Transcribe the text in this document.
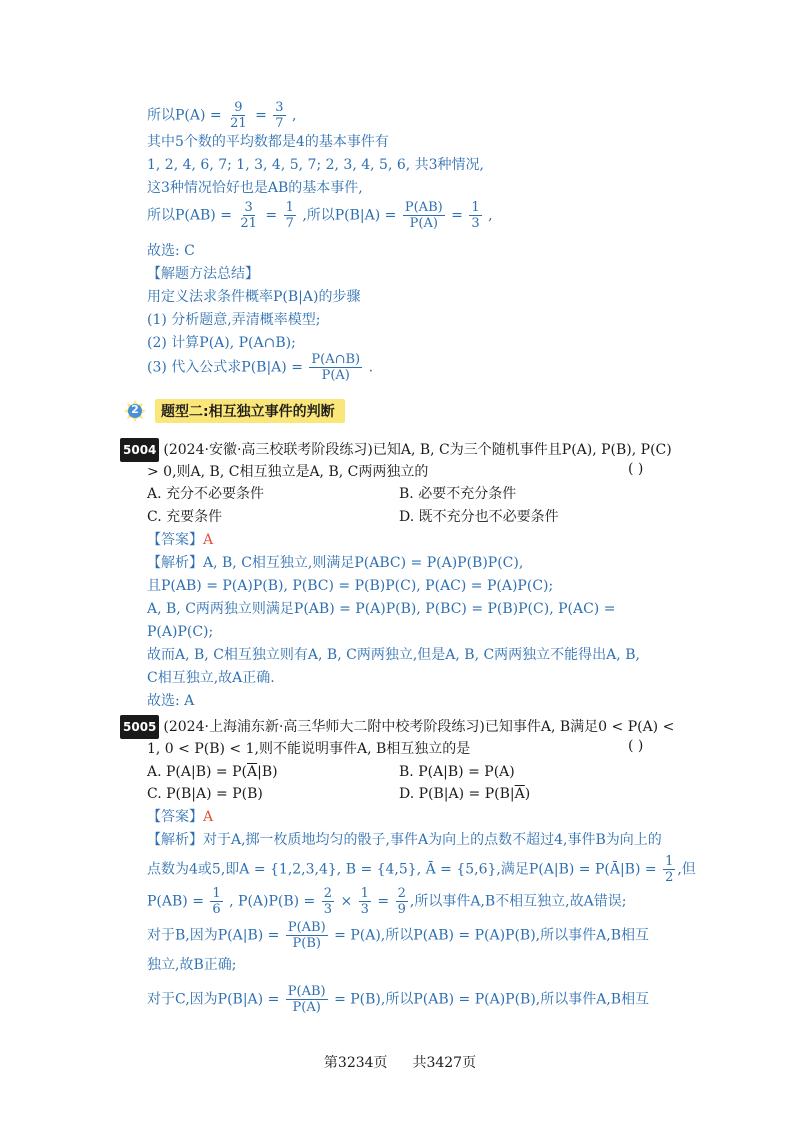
所以$P(A) = \frac{9}{21} = \frac{3}{7}$ ,
其中5个数的平均数都是4的基本事件有
1, 2, 4, 6, 7; 1, 3, 4, 5, 7; 2, 3, 4, 5, 6, 共3种情况,
这3种情况恰好也是AB的基本事件,
所以$P(AB) = \frac{3}{21} = \frac{1}{7}$ ,所以$P(B|A) = \frac{P(AB)}{P(A)} = \frac{1}{3}$ ,
故选: C
【解题方法总结】
用定义法求条件概率P(B|A)的步骤
(1) 分析题意,弄清概率模型;
(2) 计算P(A), P(A∩B);
(3) 代入公式求$P(B|A) = \frac{P(A\cap B)}{P(A)}$ .
2	题型二:相互独立事件的判断
5004 (2024·安徽·高三校联考阶段练习)已知A, B, C为三个随机事件且P(A), P(B), P(C)
> 0,则A, B, C相互独立是A, B, C两两独立的	( )
A. 充分不必要条件	B. 必要不充分条件
C. 充要条件	D. 既不充分也不必要条件
【答案】A
【解析】A, B, C相互独立,则满足P(ABC) = P(A)P(B)P(C),
且P(AB) = P(A)P(B), P(BC) = P(B)P(C), P(AC) = P(A)P(C);
A, B, C两两独立则满足P(AB) = P(A)P(B), P(BC) = P(B)P(C), P(AC) =
P(A)P(C);
故而A, B, C相互独立则有A, B, C两两独立,但是A, B, C两两独立不能得出A, B,
C相互独立,故A正确.
故选: A
5005 (2024·上海浦东新·高三华师大二附中校考阶段练习)已知事件A, B满足0 < P(A) <
1, 0 < P(B) < 1,则不能说明事件A, B相互独立的是	( )
A. $P(A|B) = P(\overline{A}|B)$	B. P(A|B) = P(A)
C. P(B|A) = P(B)	D. $P(B|A) = P(B|\overline{A})$
【答案】A
【解析】对于A,掷一枚质地均匀的骰子,事件A为向上的点数不超过4,事件B为向上的
点数为4或5,即A = {1,2,3,4}, B = {4,5}, Ā = {5,6},满足P(A|B) = P(Ā|B) = $\frac{1}{2}$ ,但
$P(AB) = \frac{1}{6}$ , $P(A)P(B) = \frac{2}{3} \times \frac{1}{3} = \frac{2}{9}$ ,所以事件A,B不相互独立,故A错误;
对于B,因为$P(A|B) = \frac{P(AB)}{P(B)} = P(A)$,所以P(AB) = P(A)P(B),所以事件A,B相互
独立,故B正确;
对于C,因为$P(B|A) = \frac{P(AB)}{P(A)} = P(B)$,所以P(AB) = P(A)P(B),所以事件A,B相互
第3234页 共3427页
